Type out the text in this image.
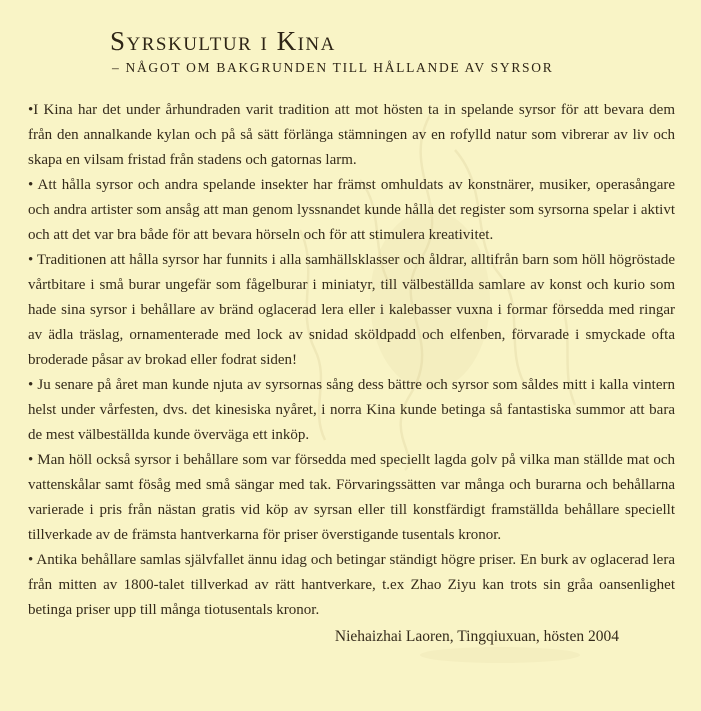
Syrskultur i Kina
– NÅGOT OM BAKGRUNDEN TILL HÅLLANDE AV SYRSOR

•I Kina har det under århundraden varit tradition att mot hösten ta in spelande syrsor för att bevara dem från den annalkande kylan och på så sätt förlänga stämningen av en rofylld natur som vibrerar av liv och skapa en vilsam fristad från stadens och gatornas larm.

• Att hålla syrsor och andra spelande insekter har främst omhuldats av konstnärer, musiker, operasångare och andra artister som ansåg att man genom lyssnandet kunde hålla det register som syrsorna spelar i aktivt och att det var bra både för att bevara hörseln och för att stimulera kreativitet.

• Traditionen att hålla syrsor har funnits i alla samhällsklasser och åldrar, alltifrån barn som höll högröstade vårtbitare i små burar ungefär som fågelburar i miniatyr, till välbeställda samlare av konst och kurio som hade sina syrsor i behållare av bränd oglacerad lera eller i kalebasser vuxna i formar försedda med ringar av ädla träslag, ornamenterade med lock av snidad sköldpadd och elfenben, förvarade i smyckade ofta broderade påsar av brokad eller fodrat siden!

• Ju senare på året man kunde njuta av syrsornas sång dess bättre och syrsor som såldes mitt i kalla vintern helst under vårfesten, dvs. det kinesiska nyåret, i norra Kina kunde betinga så fantastiska summor att bara de mest välbeställda kunde överväga ett inköp.

• Man höll också syrsor i behållare som var försedda med speciellt lagda golv på vilka man ställde mat och vattenskålar samt fösåg med små sängar med tak. Förvaringssätten var många och burarna och behållarna varierade i pris från nästan gratis vid köp av syrsan eller till konstfärdigt framställda behållare speciellt tillverkade av de främsta hantverkarna för priser överstigande tusentals kronor.

• Antika behållare samlas självfallet ännu idag och betingar ständigt högre priser. En burk av oglacerad lera från mitten av 1800-talet tillverkad av rätt hantverkare, t.ex Zhao Ziyu kan trots sin gråa oansenlighet betinga priser upp till många tiotusentals kronor.

Niehaizhai Laoren, Tingqiuxuan, hösten 2004
